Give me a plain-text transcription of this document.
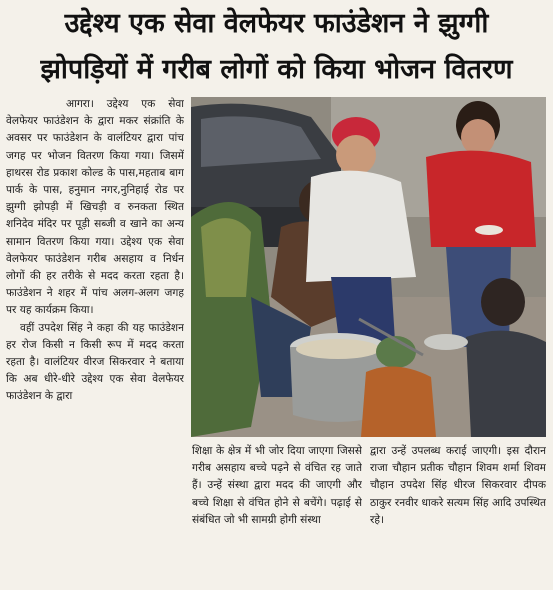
उद्देश्य एक सेवा वेलफेयर फाउंडेशन ने झुग्गी
झोपड़ियों में गरीब लोगों को किया भोजन वितरण

आगरा। उद्देश्य एक सेवा वेलफेयर फाउंडेशन के द्वारा मकर संक्रांति के अवसर पर फाउंडेशन के वालंटियर द्वारा पांच जगह पर भोजन वितरण किया गया। जिसमें हाथरस रोड प्रकाश कोल्ड के पास,महताब बाग पार्क के पास, हनुमान नगर,नुनिहाई रोड पर झुग्गी झोपड़ी में खिचड़ी व रुनकता स्थित शनिदेव मंदिर पर पूड़ी सब्जी व खाने का अन्य सामान वितरण किया गया। उद्देश्य एक सेवा वेलफेयर फाउंडेशन गरीब असहाय व निर्धन लोगों की हर तरीके से मदद करता रहता है। फाउंडेशन ने शहर में पांच अलग-अलग जगह पर यह कार्यक्रम किया।

वहीं उपदेश सिंह ने कहा की यह फाउंडेशन हर रोज किसी न किसी रूप में मदद करता रहता है। वालंटियर वीरज सिकरवार ने बताया कि अब धीरे-धीरे उद्देश्य एक सेवा वेलफेयर फाउंडेशन के द्वारा

शिक्षा के क्षेत्र में भी जोर दिया जाएगा जिससे गरीब असहाय बच्चे पढ़ने से वंचित रह जाते हैं। उन्हें संस्था द्वारा मदद की जाएगी और बच्चे शिक्षा से वंचित होने से बचेंगे। पढ़ाई से संबंधित जो भी सामग्री होगी संस्था
द्वारा उन्हें उपलब्ध कराई जाएगी। इस दौरान राजा चौहान प्रतीक चौहान शिवम शर्मा शिवम चौहान उपदेश सिंह धीरज सिकरवार दीपक ठाकुर रनवीर धाकरे सत्यम सिंह आदि उपस्थित रहे।
